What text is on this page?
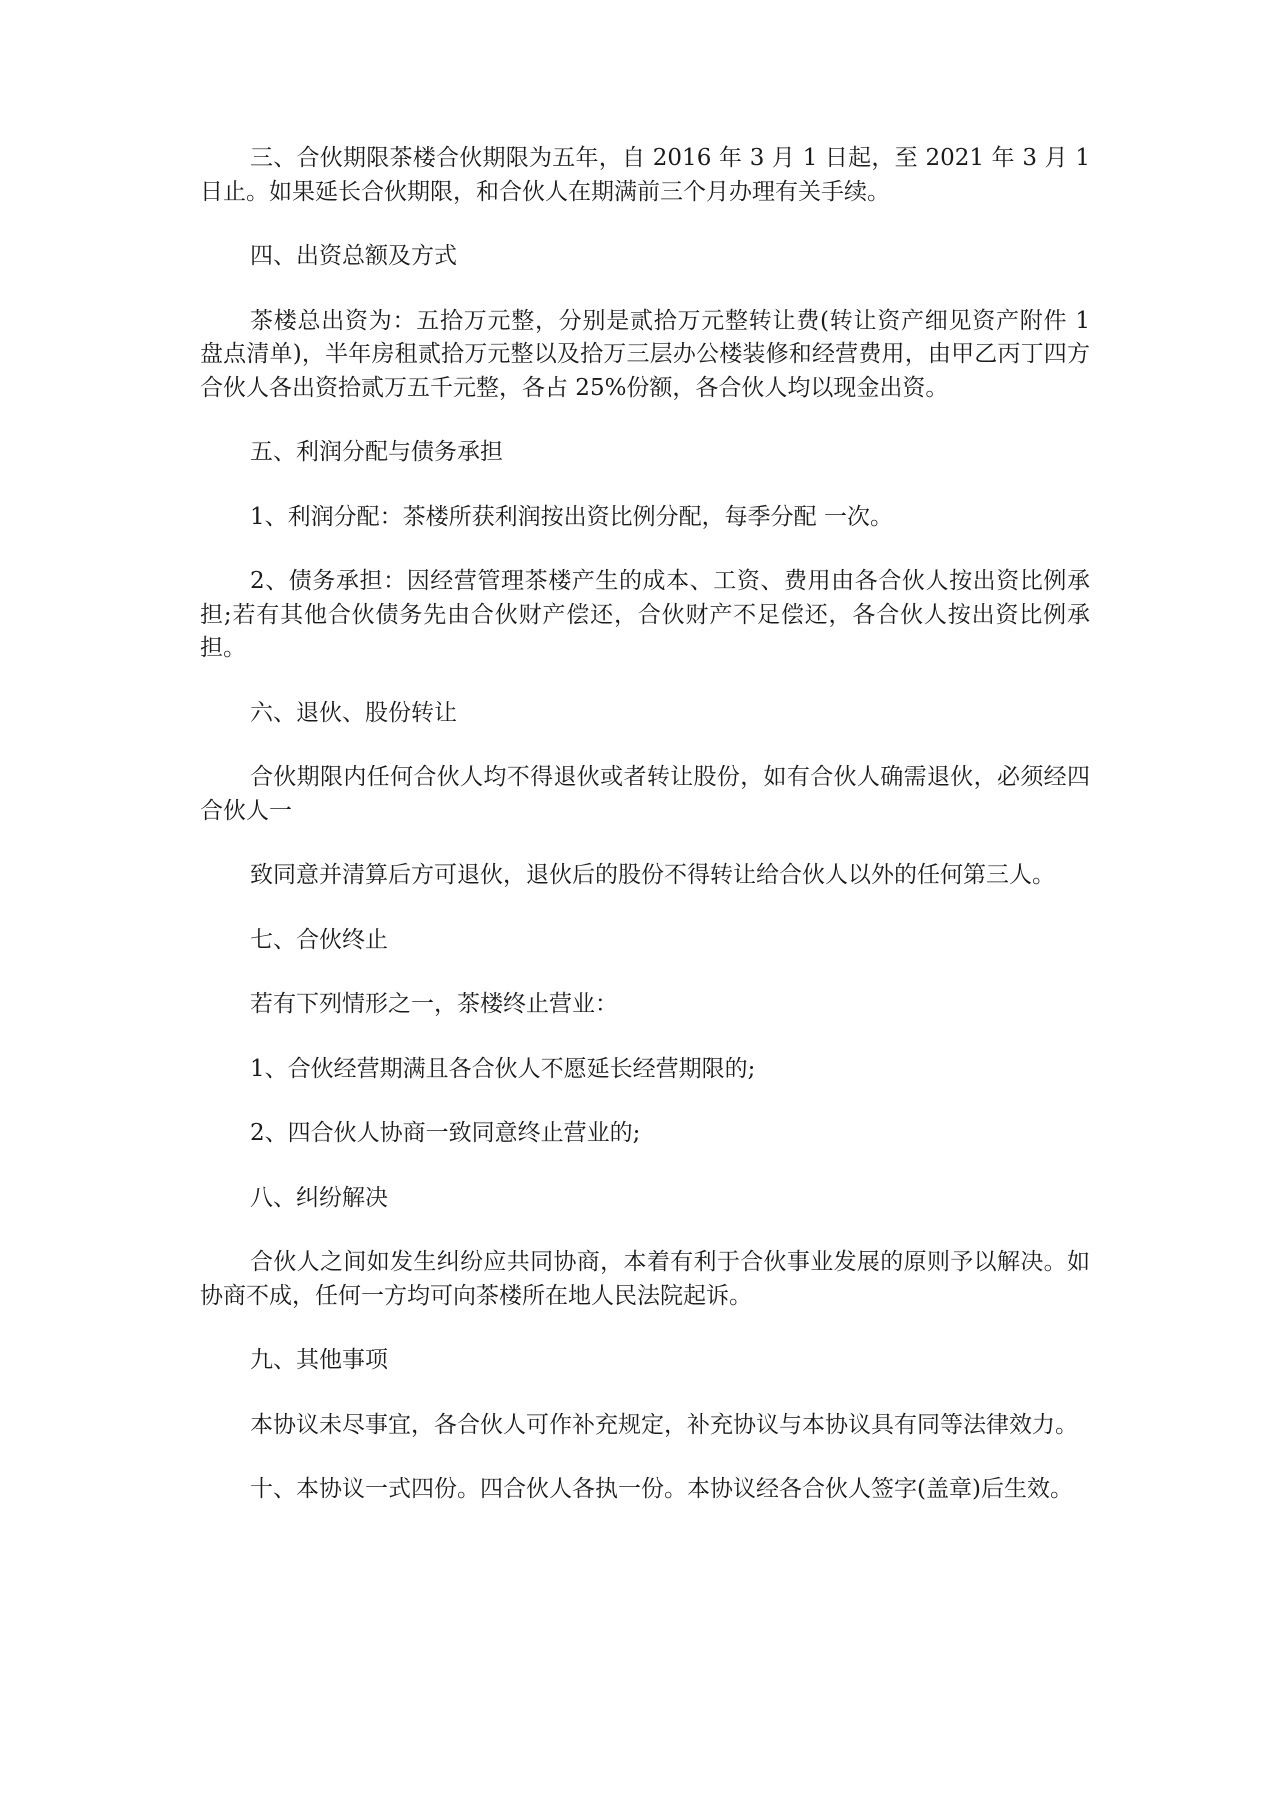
三、合伙期限茶楼合伙期限为五年，自 2016 年 3 月 1 日起，至 2021 年 3 月 1 日止。如果延长合伙期限，和合伙人在期满前三个月办理有关手续。

四、出资总额及方式

茶楼总出资为：五拾万元整，分别是贰拾万元整转让费(转让资产细见资产附件 1 盘点清单)，半年房租贰拾万元整以及拾万三层办公楼装修和经营费用，由甲乙丙丁四方合伙人各出资拾贰万五千元整，各占 25%份额，各合伙人均以现金出资。

五、利润分配与债务承担

1、利润分配：茶楼所获利润按出资比例分配，每季分配 一次。

2、债务承担：因经营管理茶楼产生的成本、工资、费用由各合伙人按出资比例承担;若有其他合伙债务先由合伙财产偿还，合伙财产不足偿还，各合伙人按出资比例承担。

六、退伙、股份转让

合伙期限内任何合伙人均不得退伙或者转让股份，如有合伙人确需退伙，必须经四合伙人一

致同意并清算后方可退伙，退伙后的股份不得转让给合伙人以外的任何第三人。

七、合伙终止

若有下列情形之一，茶楼终止营业：

1、合伙经营期满且各合伙人不愿延长经营期限的;

2、四合伙人协商一致同意终止营业的;

八、纠纷解决

合伙人之间如发生纠纷应共同协商，本着有利于合伙事业发展的原则予以解决。如协商不成，任何一方均可向茶楼所在地人民法院起诉。

九、其他事项

本协议未尽事宜，各合伙人可作补充规定，补充协议与本协议具有同等法律效力。

十、本协议一式四份。四合伙人各执一份。本协议经各合伙人签字(盖章)后生效。
